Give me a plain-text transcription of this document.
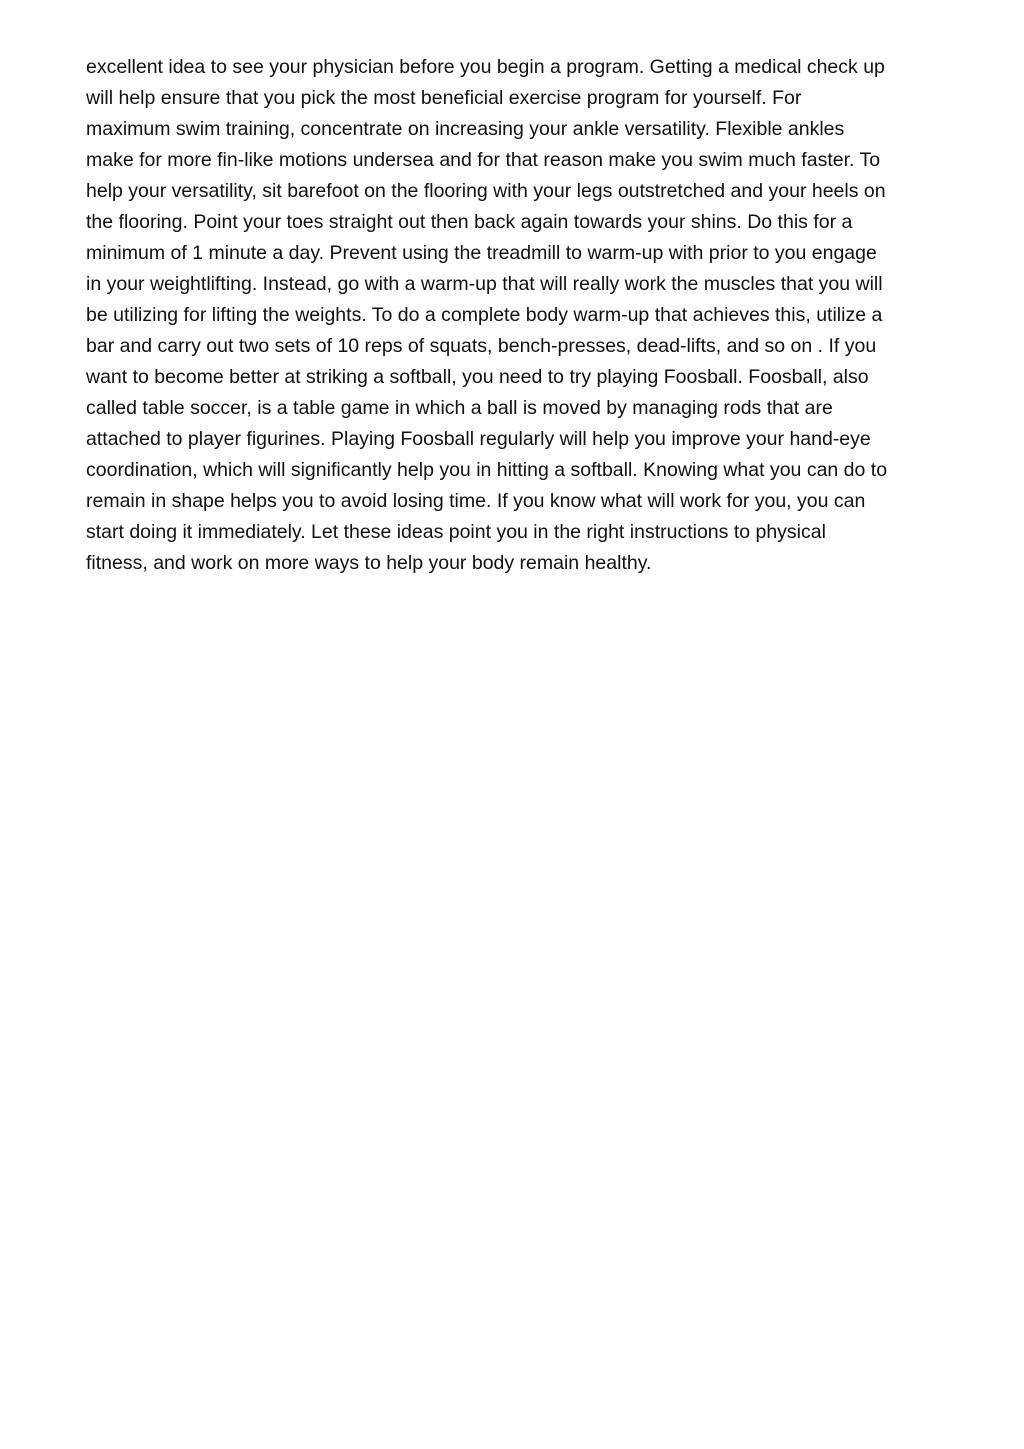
excellent idea to see your physician before you begin a program. Getting a medical check up
will help ensure that you pick the most beneficial exercise program for yourself. For
maximum swim training, concentrate on increasing your ankle versatility. Flexible ankles
make for more fin-like motions undersea and for that reason make you swim much faster. To
help your versatility, sit barefoot on the flooring with your legs outstretched and your heels on
the flooring. Point your toes straight out then back again towards your shins. Do this for a
minimum of 1 minute a day. Prevent using the treadmill to warm-up with prior to you engage
in your weightlifting. Instead, go with a warm-up that will really work the muscles that you will
be utilizing for lifting the weights. To do a complete body warm-up that achieves this, utilize a
bar and carry out two sets of 10 reps of squats, bench-presses, dead-lifts, and so on . If you
want to become better at striking a softball, you need to try playing Foosball. Foosball, also
called table soccer, is a table game in which a ball is moved by managing rods that are
attached to player figurines. Playing Foosball regularly will help you improve your hand-eye
coordination, which will significantly help you in hitting a softball. Knowing what you can do to
remain in shape helps you to avoid losing time. If you know what will work for you, you can
start doing it immediately. Let these ideas point you in the right instructions to physical
fitness, and work on more ways to help your body remain healthy.
